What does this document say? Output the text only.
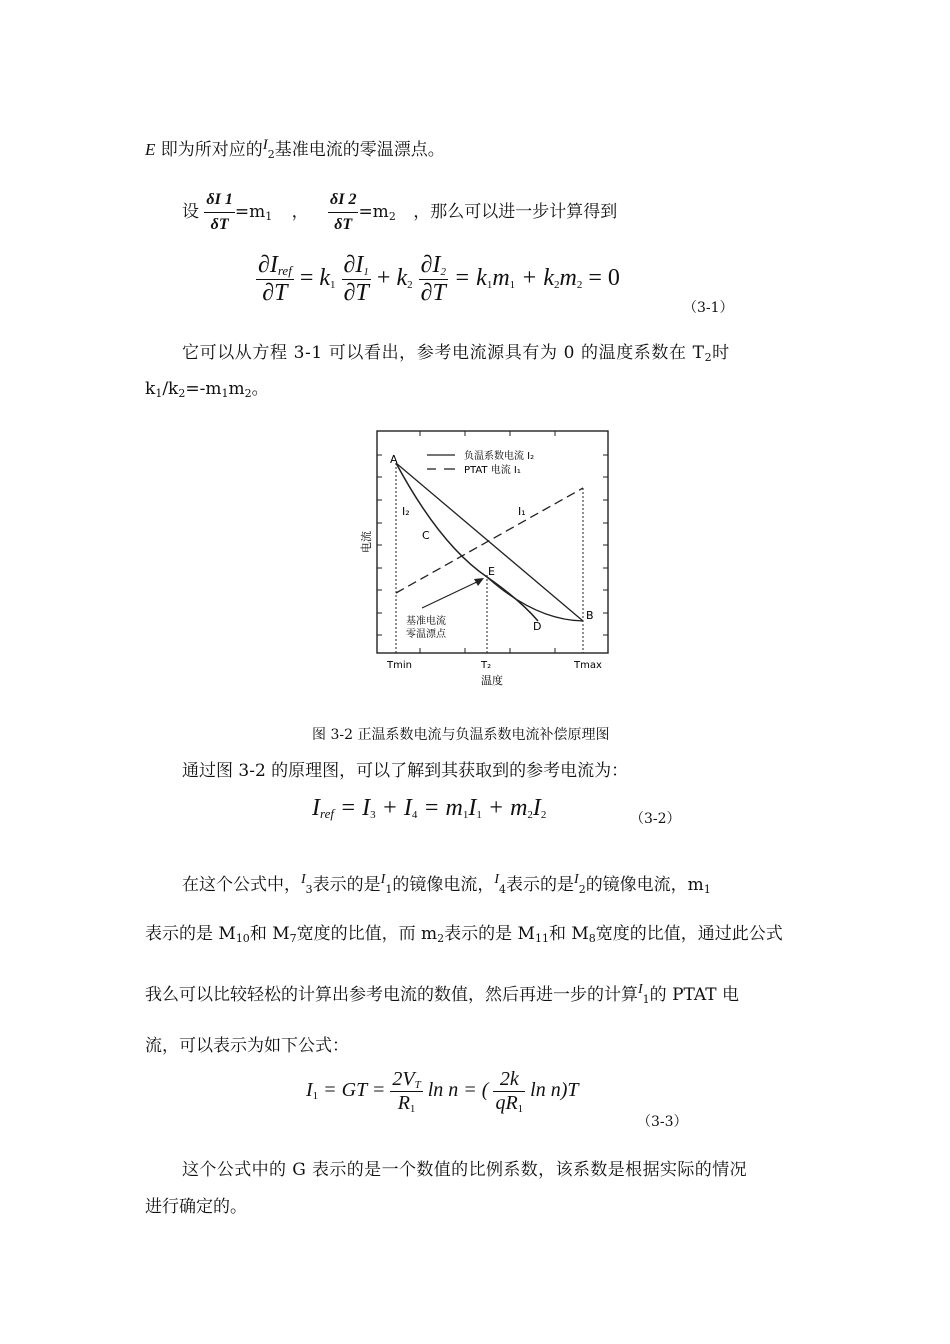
E 即为所对应的$I_2$基准电流的零温漂点。
设 $\frac{\delta I 1}{\delta T} =m_1$ ， $\frac{\delta I 2}{\delta T} =m_2$ ，那么可以进一步计算得到
$\frac{\partial I_{ref}}{\partial T} = k_1 \frac{\partial I_1}{\partial T} + k_2 \frac{\partial I_2}{\partial T} = k_1m_1 + k_2m_2 = 0$
（3-1）
它可以从方程 3-1 可以看出，参考电流源具有为 0 的温度系数在 $T_2$时
$k_1/k_2=-m_1m_2$。
负温系数电流 I₂
PTAT 电流 I₁
A
B
C
D
E
I₁
I₂
基准电流
零温漂点
电流
Tmin	T₂	Tmax
温度
图 3-2 正温系数电流与负温系数电流补偿原理图
通过图 3-2 的原理图，可以了解到其获取到的参考电流为：
$I_{ref} = I_3 + I_4 = m_1I_1 + m_2I_2$	（3-2）
在这个公式中，$^I_3$表示的是$^I_1$的镜像电流，$^I_4$表示的是$^I_2$的镜像电流，$m_1$
表示的是 $M_{10}$和 $M_7$宽度的比值，而 $m_2$表示的是 $M_{11}$和 $M_8$宽度的比值，通过此公式
我么可以比较轻松的计算出参考电流的数值，然后再进一步的计算$^I_1$的 PTAT 电
流，可以表示为如下公式：
$I_1$ = GT = $\frac{2V_T}{R_1}$ ln n = ( $\frac{2k}{qR_1}$ ln n)T
（3-3）
这个公式中的 G 表示的是一个数值的比例系数，该系数是根据实际的情况
进行确定的。
